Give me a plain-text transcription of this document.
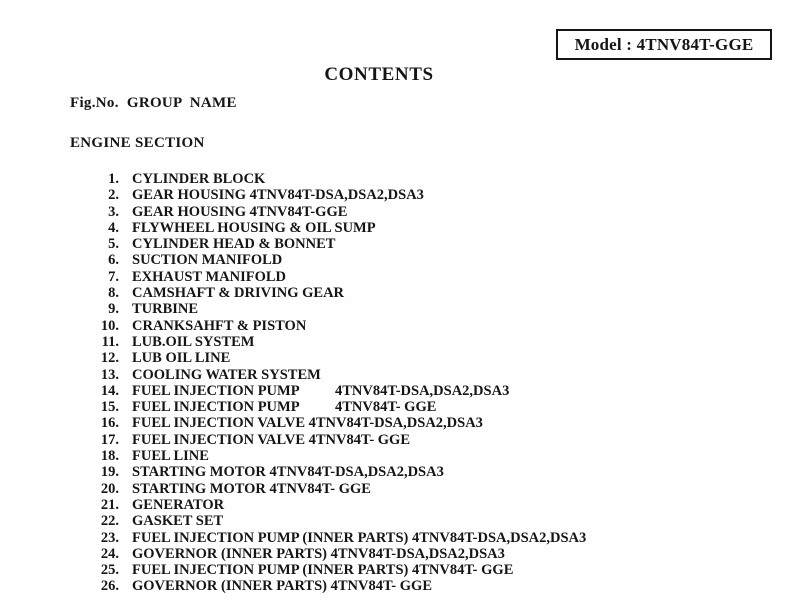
Model : 4TNV84T-GGE
CONTENTS
Fig.No.  GROUP  NAME
ENGINE SECTION
1. CYLINDER BLOCK
2. GEAR HOUSING 4TNV84T-DSA,DSA2,DSA3
3. GEAR HOUSING 4TNV84T-GGE
4. FLYWHEEL HOUSING & OIL SUMP
5. CYLINDER HEAD & BONNET
6. SUCTION MANIFOLD
7. EXHAUST MANIFOLD
8. CAMSHAFT & DRIVING GEAR
9. TURBINE
10. CRANKSAHFT & PISTON
11. LUB.OIL SYSTEM
12. LUB OIL LINE
13. COOLING WATER SYSTEM
14. FUEL INJECTION PUMP          4TNV84T-DSA,DSA2,DSA3
15. FUEL INJECTION PUMP          4TNV84T- GGE
16. FUEL INJECTION VALVE 4TNV84T-DSA,DSA2,DSA3
17. FUEL INJECTION VALVE 4TNV84T- GGE
18. FUEL LINE
19. STARTING MOTOR 4TNV84T-DSA,DSA2,DSA3
20. STARTING MOTOR 4TNV84T- GGE
21. GENERATOR
22. GASKET SET
23. FUEL INJECTION PUMP (INNER PARTS) 4TNV84T-DSA,DSA2,DSA3
24. GOVERNOR (INNER PARTS) 4TNV84T-DSA,DSA2,DSA3
25. FUEL INJECTION PUMP (INNER PARTS) 4TNV84T- GGE
26. GOVERNOR (INNER PARTS) 4TNV84T- GGE
